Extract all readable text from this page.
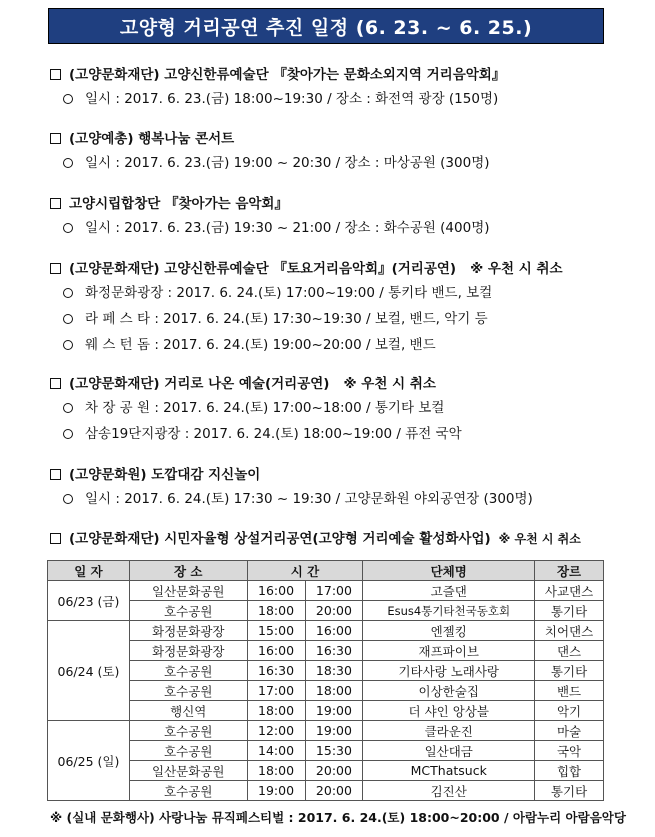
고양형 거리공연 추진 일정 (6. 23. ~ 6. 25.)
(고양문화재단) 고양신한류예술단 『찾아가는 문화소외지역 거리음악회』
일시 : 2017. 6. 23.(금) 18:00~19:30 / 장소 : 화전역 광장 (150명)
(고양예총) 행복나눔 콘서트
일시 : 2017. 6. 23.(금) 19:00 ~ 20:30 / 장소 : 마상공원 (300명)
고양시립합창단 『찾아가는 음악회』
일시 : 2017. 6. 23.(금) 19:30 ~ 21:00 / 장소 : 화수공원 (400명)
(고양문화재단) 고양신한류예술단 『토요거리음악회』(거리공연) ※ 우천 시 취소
화정문화광장 : 2017. 6. 24.(토) 17:00~19:00 / 통키타 밴드, 보컬
라 페 스 타 : 2017. 6. 24.(토) 17:30~19:30 / 보컬, 밴드, 악기 등
웨 스 턴 돔 : 2017. 6. 24.(토) 19:00~20:00 / 보컬, 밴드
(고양문화재단) 거리로 나온 예술(거리공연) ※ 우천 시 취소
차 장 공 원 : 2017. 6. 24.(토) 17:00~18:00 / 통기타 보컬
삼송19단지광장 : 2017. 6. 24.(토) 18:00~19:00 / 퓨전 국악
(고양문화원) 도깝대감 지신놀이
일시 : 2017. 6. 24.(토) 17:30 ~ 19:30 / 고양문화원 야외공연장 (300명)
(고양문화재단) 시민자율형 상설거리공연(고양형 거리예술 활성화사업) ※ 우천 시 취소
일 자	장 소	시 간		단체명	장르
06/23 (금)	일산문화공원	16:00	17:00	고즐댄	사교댄스
	호수공원	18:00	20:00	Esus4통기타천국동호회	통기타
06/24 (토)	화정문화광장	15:00	16:00	엔젤킹	치어댄스
	화정문화광장	16:00	16:30	재프파이브	댄스
	호수공원	16:30	18:30	기타사랑 노래사랑	통기타
	호수공원	17:00	18:00	이상한술집	밴드
	행신역	18:00	19:00	더 샤인 앙상블	악기
06/25 (일)	호수공원	12:00	19:00	클라운진	마술
	호수공원	14:00	15:30	일산대금	국악
	일산문화공원	18:00	20:00	MCThatsuck	힙합
	호수공원	19:00	20:00	김진산	통기타
※ (실내 문화행사) 사랑나눔 뮤직페스티벌 : 2017. 6. 24.(토) 18:00~20:00 / 아람누리 아람음악당
